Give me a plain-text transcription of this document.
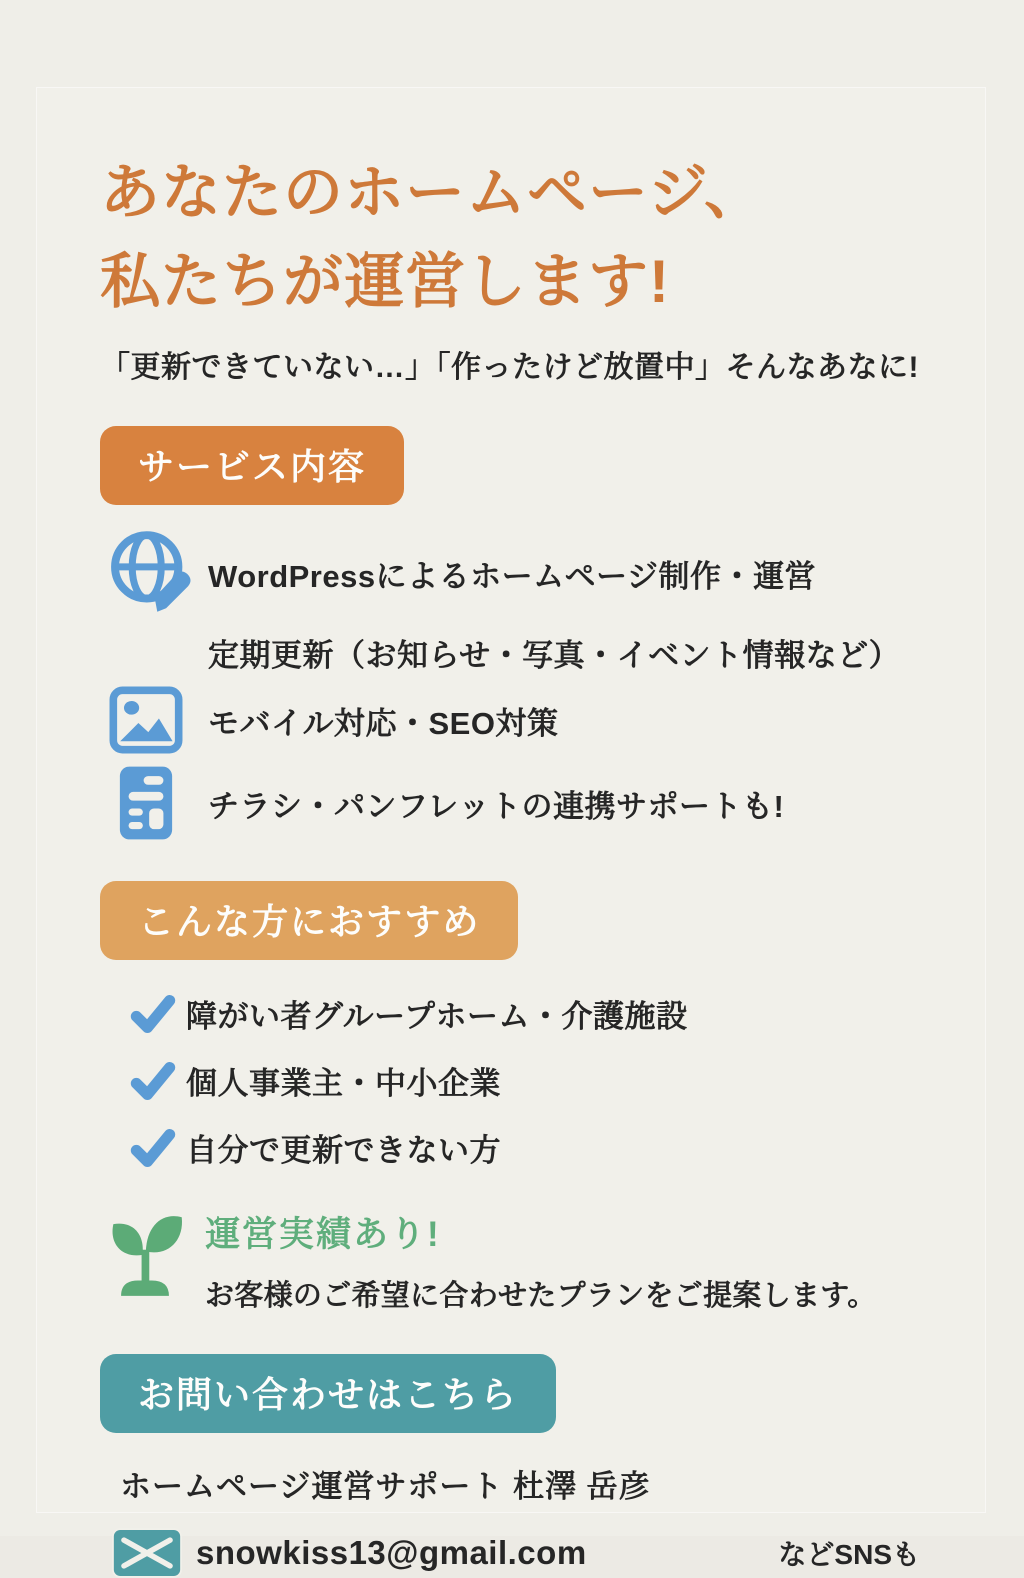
あなたのホームページ、
私たちが運営します!

「更新できていない…」「作ったけど放置中」そんなあなに!

サービス内容
WordPressによるホームページ制作・運営
定期更新（お知らせ・写真・イベント情報など）
モバイル対応・SEO対策
チラシ・パンフレットの連携サポートも!
こんな方におすすめ
障がい者グループホーム・介護施設
個人事業主・中小企業
自分で更新できない方
運営実績あり!
お客様のご希望に合わせたプランをご提案します。
お問い合わせはこちら
ホームページ運営サポート 杜澤 岳彦
snowkiss13@gmail.com	などSNSも
